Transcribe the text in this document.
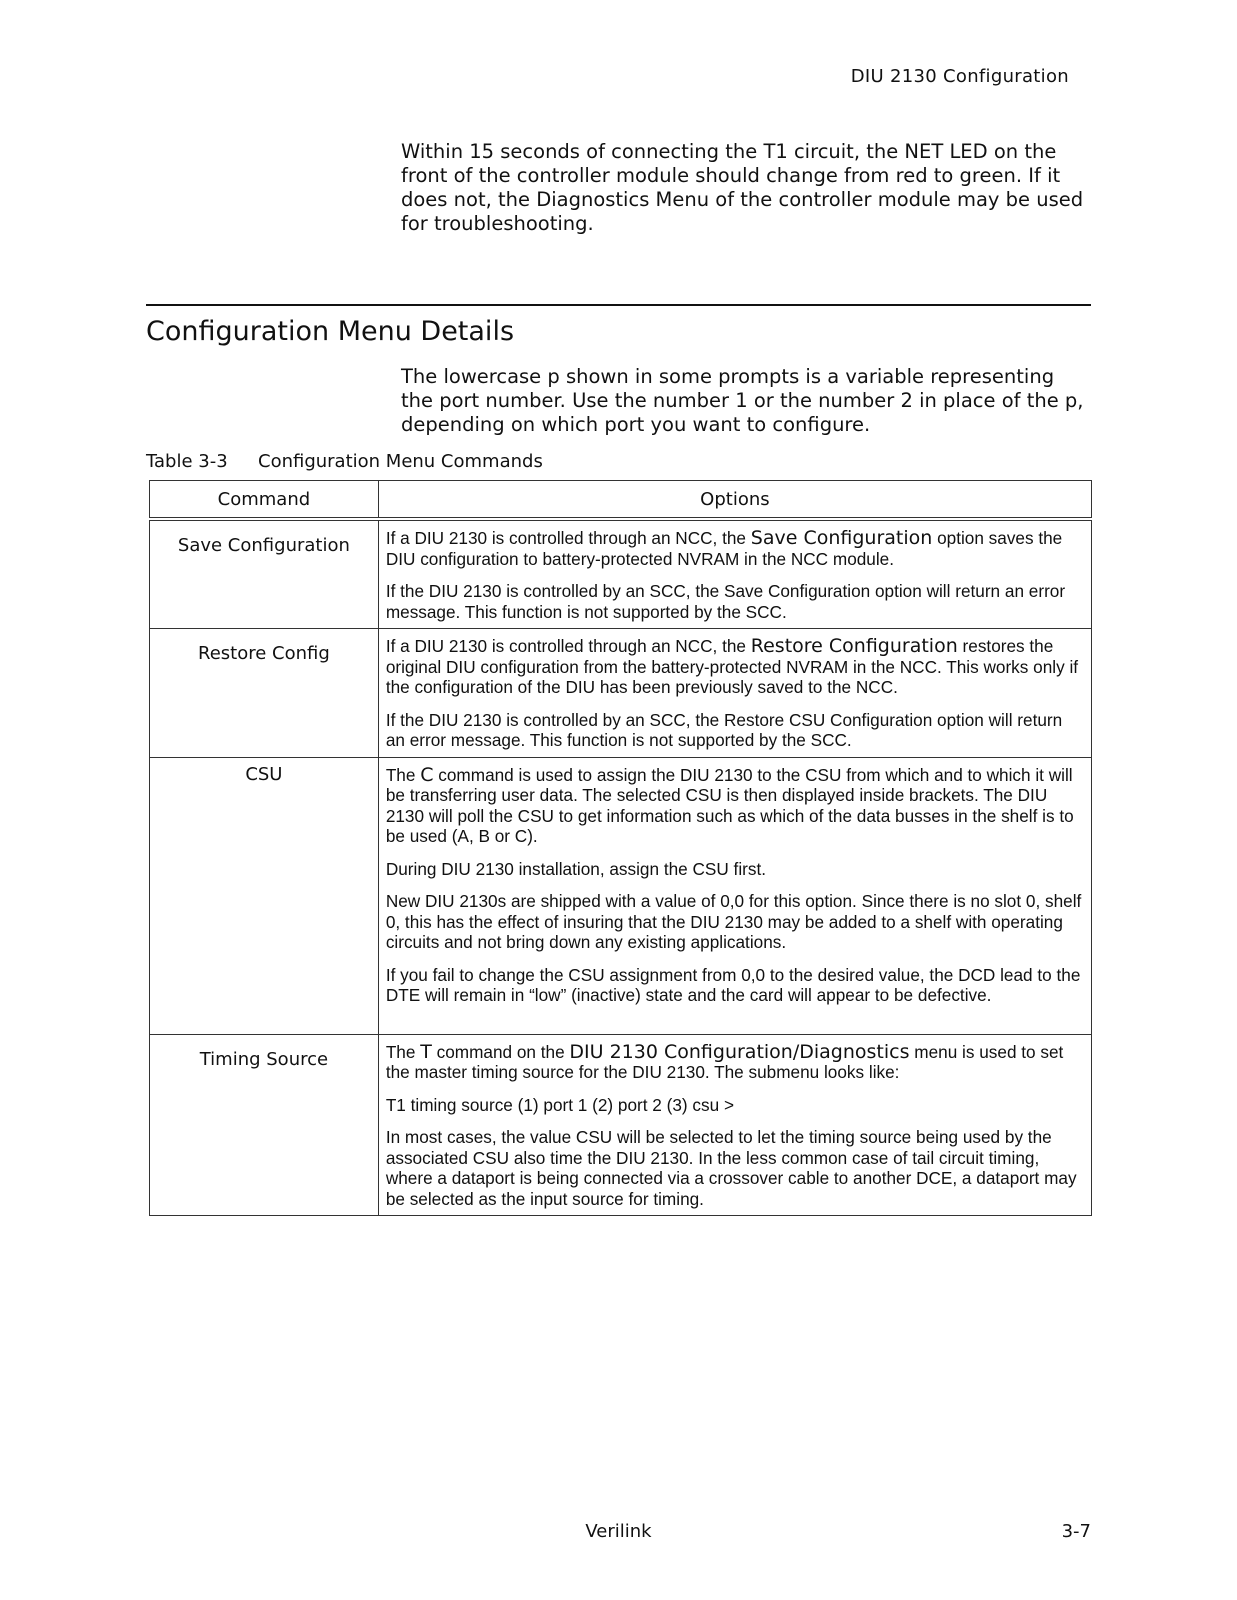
DIU 2130 Configuration

Within 15 seconds of connecting the T1 circuit, the NET LED on the front of the controller module should change from red to green. If it does not, the Diagnostics Menu of the controller module may be used for troubleshooting.

Configuration Menu Details

The lowercase p shown in some prompts is a variable representing the port number. Use the number 1 or the number 2 in place of the p, depending on which port you want to configure.

Table 3-3 Configuration Menu Commands
Command	Options
Save Configuration	If a DIU 2130 is controlled through an NCC, the Save Configuration option saves the DIU configuration to battery-protected NVRAM in the NCC module.

If the DIU 2130 is controlled by an SCC, the Save Configuration option will return an error message. This function is not supported by the SCC.

Restore Config	If a DIU 2130 is controlled through an NCC, the Restore Configuration restores the original DIU configuration from the battery-protected NVRAM in the NCC. This works only if the configuration of the DIU has been previously saved to the NCC.

If the DIU 2130 is controlled by an SCC, the Restore CSU Configuration option will return an error message. This function is not supported by the SCC.

CSU	The C command is used to assign the DIU 2130 to the CSU from which and to which it will be transferring user data. The selected CSU is then displayed inside brackets. The DIU 2130 will poll the CSU to get information such as which of the data busses in the shelf is to be used (A, B or C).

During DIU 2130 installation, assign the CSU first.

New DIU 2130s are shipped with a value of 0,0 for this option. Since there is no slot 0, shelf 0, this has the effect of insuring that the DIU 2130 may be added to a shelf with operating circuits and not bring down any existing applications.

If you fail to change the CSU assignment from 0,0 to the desired value, the DCD lead to the DTE will remain in “low” (inactive) state and the card will appear to be defective.

Timing Source	The T command on the DIU 2130 Configuration/Diagnostics menu is used to set the master timing source for the DIU 2130. The submenu looks like:

T1 timing source (1) port 1 (2) port 2 (3) csu >

In most cases, the value CSU will be selected to let the timing source being used by the associated CSU also time the DIU 2130. In the less common case of tail circuit timing, where a dataport is being connected via a crossover cable to another DCE, a dataport may be selected as the input source for timing.

Verilink	3-7
